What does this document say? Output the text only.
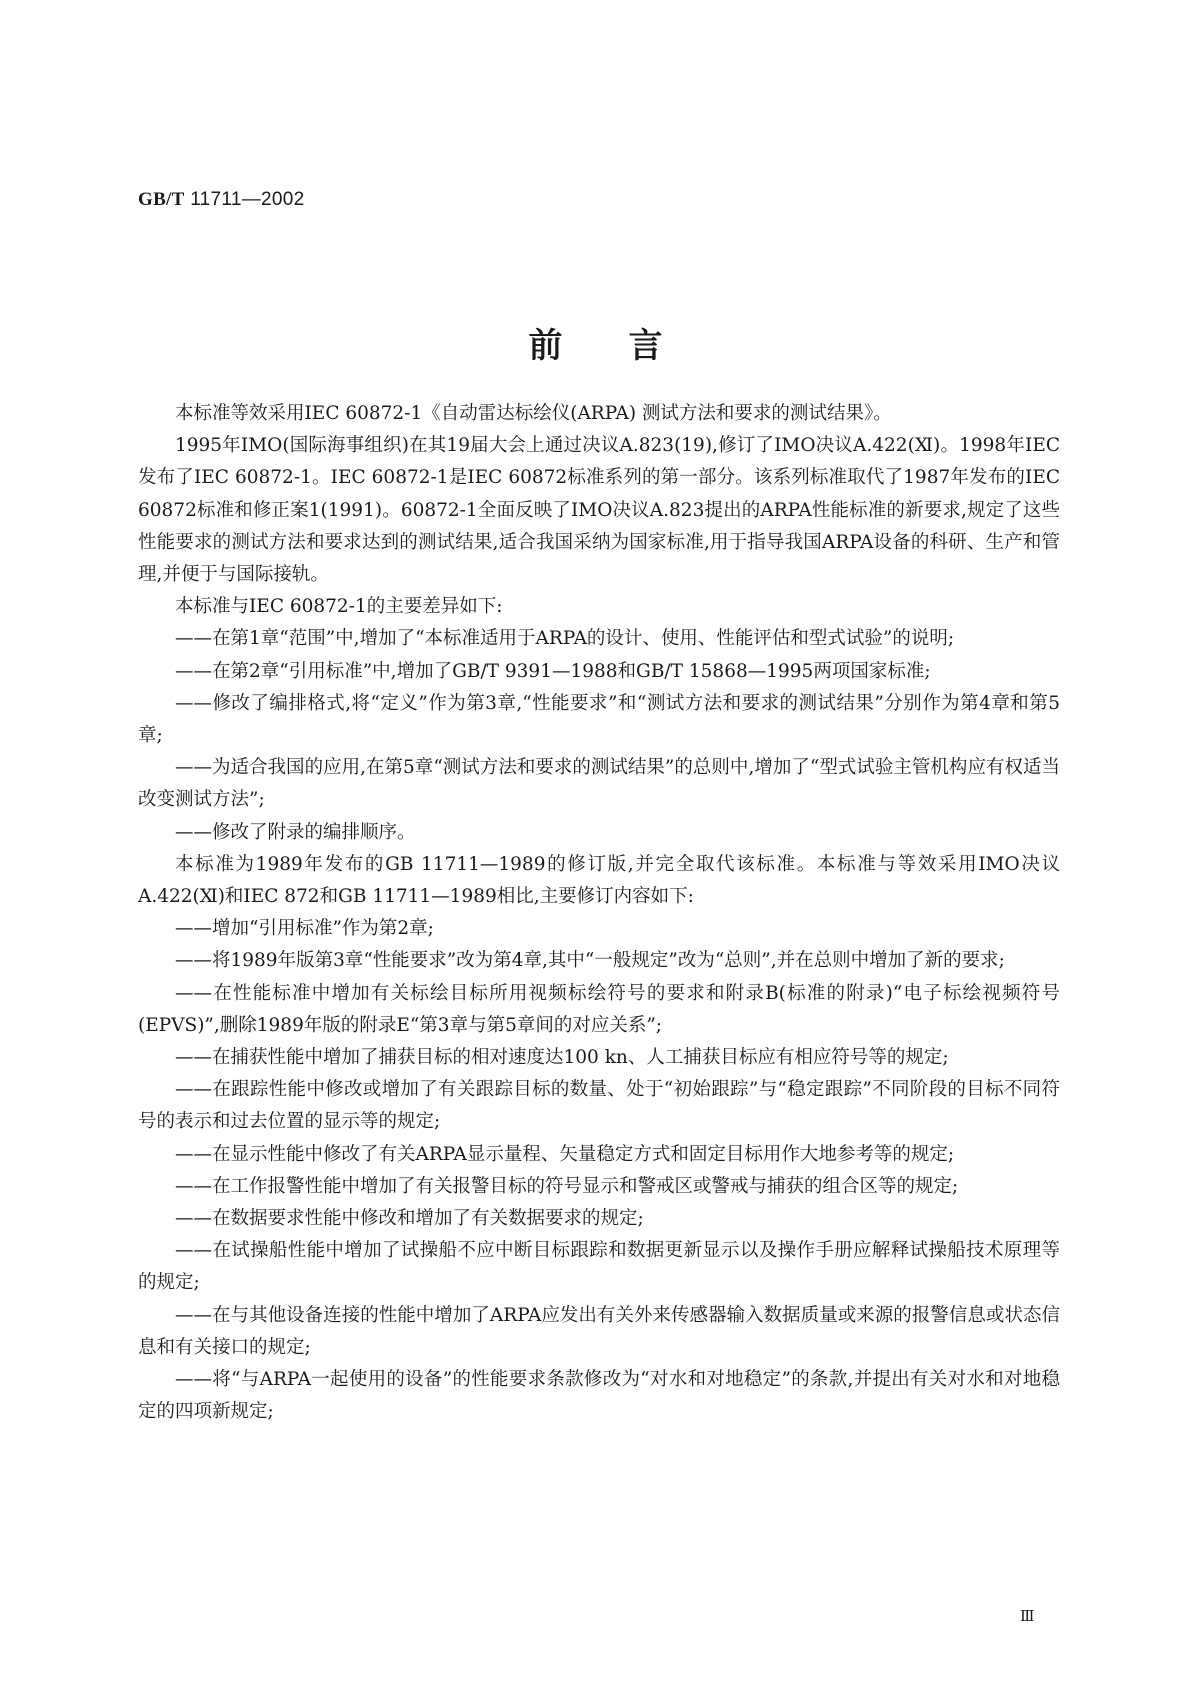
GB/T 11711—2002
前言

本标准等效采用IEC 60872-1《自动雷达标绘仪(ARPA) 测试方法和要求的测试结果》。

1995年IMO(国际海事组织)在其19届大会上通过决议A.823(19),修订了IMO决议A.422(Ⅺ)。1998年IEC发布了IEC 60872-1。IEC 60872-1是IEC 60872标准系列的第一部分。该系列标准取代了1987年发布的IEC 60872标准和修正案1(1991)。60872-1全面反映了IMO决议A.823提出的ARPA性能标准的新要求,规定了这些性能要求的测试方法和要求达到的测试结果,适合我国采纳为国家标准,用于指导我国ARPA设备的科研、生产和管理,并便于与国际接轨。

本标准与IEC 60872-1的主要差异如下:

——在第1章“范围”中,增加了“本标准适用于ARPA的设计、使用、性能评估和型式试验”的说明;

——在第2章“引用标准”中,增加了GB/T 9391—1988和GB/T 15868—1995两项国家标准;

——修改了编排格式,将“定义”作为第3章,“性能要求”和“测试方法和要求的测试结果”分别作为第4章和第5章;

——为适合我国的应用,在第5章“测试方法和要求的测试结果”的总则中,增加了“型式试验主管机构应有权适当改变测试方法”;

——修改了附录的编排顺序。

本标准为1989年发布的GB 11711—1989的修订版,并完全取代该标准。本标准与等效采用IMO决议A.422(Ⅺ)和IEC 872和GB 11711—1989相比,主要修订内容如下:

——增加“引用标准”作为第2章;

——将1989年版第3章“性能要求”改为第4章,其中“一般规定”改为“总则”,并在总则中增加了新的要求;

——在性能标准中增加有关标绘目标所用视频标绘符号的要求和附录B(标准的附录)“电子标绘视频符号(EPVS)”,删除1989年版的附录E“第3章与第5章间的对应关系”;

——在捕获性能中增加了捕获目标的相对速度达100 kn、人工捕获目标应有相应符号等的规定;

——在跟踪性能中修改或增加了有关跟踪目标的数量、处于“初始跟踪”与“稳定跟踪”不同阶段的目标不同符号的表示和过去位置的显示等的规定;

——在显示性能中修改了有关ARPA显示量程、矢量稳定方式和固定目标用作大地参考等的规定;

——在工作报警性能中增加了有关报警目标的符号显示和警戒区或警戒与捕获的组合区等的规定;

——在数据要求性能中修改和增加了有关数据要求的规定;

——在试操船性能中增加了试操船不应中断目标跟踪和数据更新显示以及操作手册应解释试操船技术原理等的规定;

——在与其他设备连接的性能中增加了ARPA应发出有关外来传感器输入数据质量或来源的报警信息或状态信息和有关接口的规定;

——将“与ARPA一起使用的设备”的性能要求条款修改为“对水和对地稳定”的条款,并提出有关对水和对地稳定的四项新规定;

Ⅲ
